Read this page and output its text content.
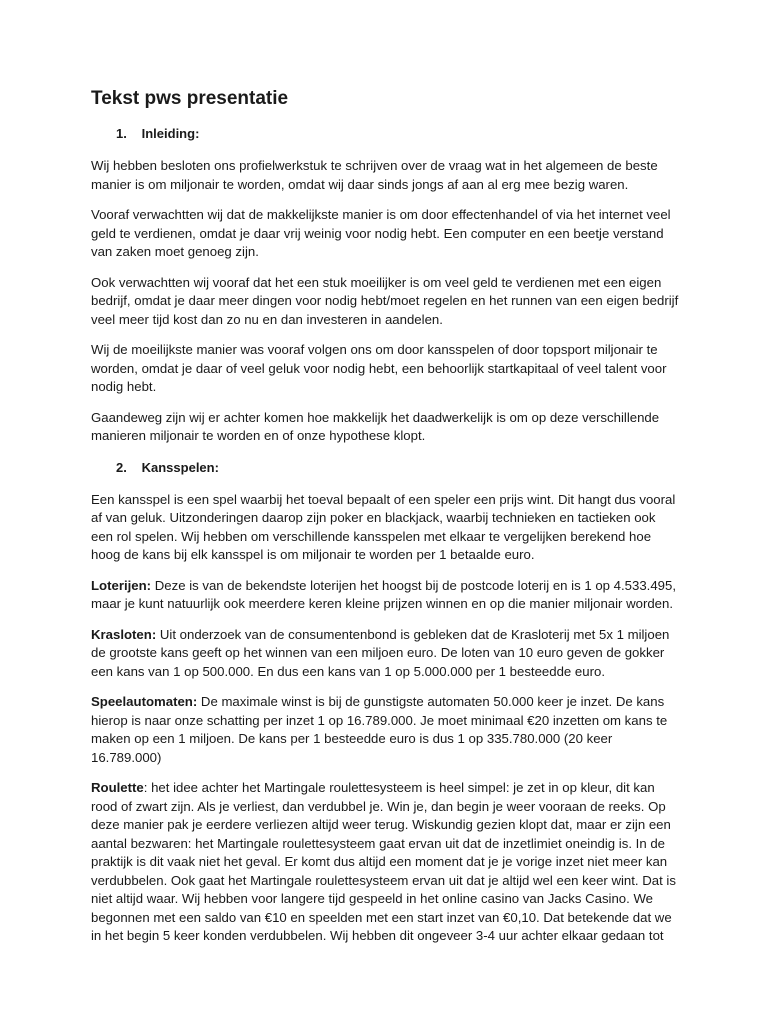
Tekst pws presentatie
1. Inleiding:

Wij hebben besloten ons profielwerkstuk te schrijven over de vraag wat in het algemeen de beste manier is om miljonair te worden, omdat wij daar sinds jongs af aan al erg mee bezig waren.

Vooraf verwachtten wij dat de makkelijkste manier is om door effectenhandel of via het internet veel geld te verdienen, omdat je daar vrij weinig voor nodig hebt. Een computer en een beetje verstand van zaken moet genoeg zijn.

Ook verwachtten wij vooraf dat het een stuk moeilijker is om veel geld te verdienen met een eigen bedrijf, omdat je daar meer dingen voor nodig hebt/moet regelen en het runnen van een eigen bedrijf veel meer tijd kost dan zo nu en dan investeren in aandelen.

Wij de moeilijkste manier was vooraf volgen ons om door kansspelen of door topsport miljonair te worden, omdat je daar of veel geluk voor nodig hebt, een behoorlijk startkapitaal of veel talent voor nodig hebt.

Gaandeweg zijn wij er achter komen hoe makkelijk het daadwerkelijk is om op deze verschillende manieren miljonair te worden en of onze hypothese klopt.

2. Kansspelen:

Een kansspel is een spel waarbij het toeval bepaalt of een speler een prijs wint. Dit hangt dus vooral af van geluk. Uitzonderingen daarop zijn poker en blackjack, waarbij technieken en tactieken ook een rol spelen. Wij hebben om verschillende kansspelen met elkaar te vergelijken berekend hoe hoog de kans bij elk kansspel is om miljonair te worden per 1 betaalde euro.

Loterijen: Deze is van de bekendste loterijen het hoogst bij de postcode loterij en is 1 op 4.533.495, maar je kunt natuurlijk ook meerdere keren kleine prijzen winnen en op die manier miljonair worden.

Krasloten: Uit onderzoek van de consumentenbond is gebleken dat de Krasloterij met 5x 1 miljoen de grootste kans geeft op het winnen van een miljoen euro. De loten van 10 euro geven de gokker een kans van 1 op 500.000. En dus een kans van 1 op 5.000.000 per 1 besteedde euro.

Speelautomaten: De maximale winst is bij de gunstigste automaten 50.000 keer je inzet. De kans hierop is naar onze schatting per inzet 1 op 16.789.000. Je moet minimaal €20 inzetten om kans te maken op een 1 miljoen. De kans per 1 besteedde euro is dus 1 op 335.780.000 (20 keer 16.789.000)

Roulette: het idee achter het Martingale roulettesysteem is heel simpel: je zet in op kleur, dit kan rood of zwart zijn. Als je verliest, dan verdubbel je. Win je, dan begin je weer vooraan de reeks. Op deze manier pak je eerdere verliezen altijd weer terug. Wiskundig gezien klopt dat, maar er zijn een aantal bezwaren: het Martingale roulettesysteem gaat ervan uit dat de inzetlimiet oneindig is. In de praktijk is dit vaak niet het geval. Er komt dus altijd een moment dat je je vorige inzet niet meer kan verdubbelen. Ook gaat het Martingale roulettesysteem ervan uit dat je altijd wel een keer wint. Dat is niet altijd waar. Wij hebben voor langere tijd gespeeld in het online casino van Jacks Casino. We begonnen met een saldo van €10 en speelden met een start inzet van €0,10. Dat betekende dat we in het begin 5 keer konden verdubbelen. Wij hebben dit ongeveer 3-4 uur achter elkaar gedaan tot
